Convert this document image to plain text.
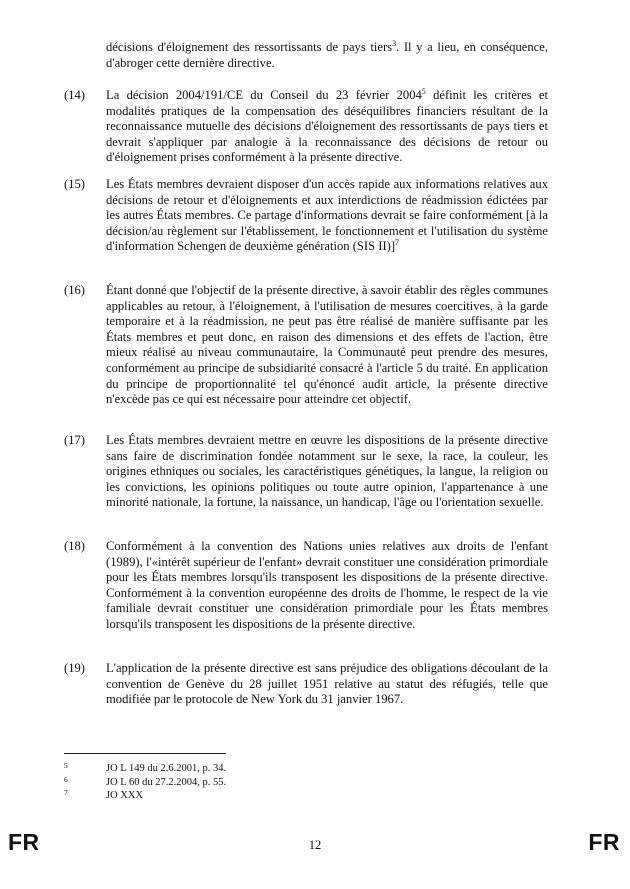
décisions d'éloignement des ressortissants de pays tiers$^3$. Il y a lieu, en conséquence, d'abroger cette dernière directive.
(14)	La décision 2004/191/CE du Conseil du 23 février 2004$^5$ définit les critères et modalités pratiques de la compensation des déséquilibres financiers résultant de la reconnaissance mutuelle des décisions d'éloignement des ressortissants de pays tiers et devrait s'appliquer par analogie à la reconnaissance des décisions de retour ou d'éloignement prises conformément à la présente directive.
(15)	Les États membres devraient disposer d'un accès rapide aux informations relatives aux décisions de retour et d'éloignements et aux interdictions de réadmission édictées par les autres États membres. Ce partage d'informations devrait se faire conformément [à la décision/au règlement sur l'établissement, le fonctionnement et l'utilisation du système d'information Schengen de deuxième génération (SIS II)]$^7$
(16)	Étant donné que l'objectif de la présente directive, à savoir établir des règles communes applicables au retour, à l'éloignement, à l'utilisation de mesures coercitives, à la garde temporaire et à la réadmission, ne peut pas être réalisé de manière suffisante par les États membres et peut donc, en raison des dimensions et des effets de l'action, être mieux réalisé au niveau communautaire, la Communauté peut prendre des mesures, conformément au principe de subsidiarité consacré à l'article 5 du traité. En application du principe de proportionnalité tel qu'énoncé audit article, la présente directive n'excède pas ce qui est nécessaire pour atteindre cet objectif.
(17)	Les États membres devraient mettre en œuvre les dispositions de la présente directive sans faire de discrimination fondée notamment sur le sexe, la race, la couleur, les origines ethniques ou sociales, les caractéristiques génétiques, la langue, la religion ou les convictions, les opinions politiques ou toute autre opinion, l'appartenance à une minorité nationale, la fortune, la naissance, un handicap, l'âge ou l'orientation sexuelle.
(18)	Conformément à la convention des Nations unies relatives aux droits de l'enfant (1989), l'«intérêt supérieur de l'enfant» devrait constituer une considération primordiale pour les États membres lorsqu'ils transposent les dispositions de la présente directive. Conformément à la convention européenne des droits de l'homme, le respect de la vie familiale devrait constituer une considération primordiale pour les États membres lorsqu'ils transposent les dispositions de la présente directive.
(19)	L'application de la présente directive est sans préjudice des obligations découlant de la convention de Genève du 28 juillet 1951 relative au statut des réfugiés, telle que modifiée par le protocole de New York du 31 janvier 1967.
5	JO L 149 du 2.6.2001, p. 34.
6	JO L 60 du 27.2.2004, p. 55.
7	JO XXX
FR	12	FR
